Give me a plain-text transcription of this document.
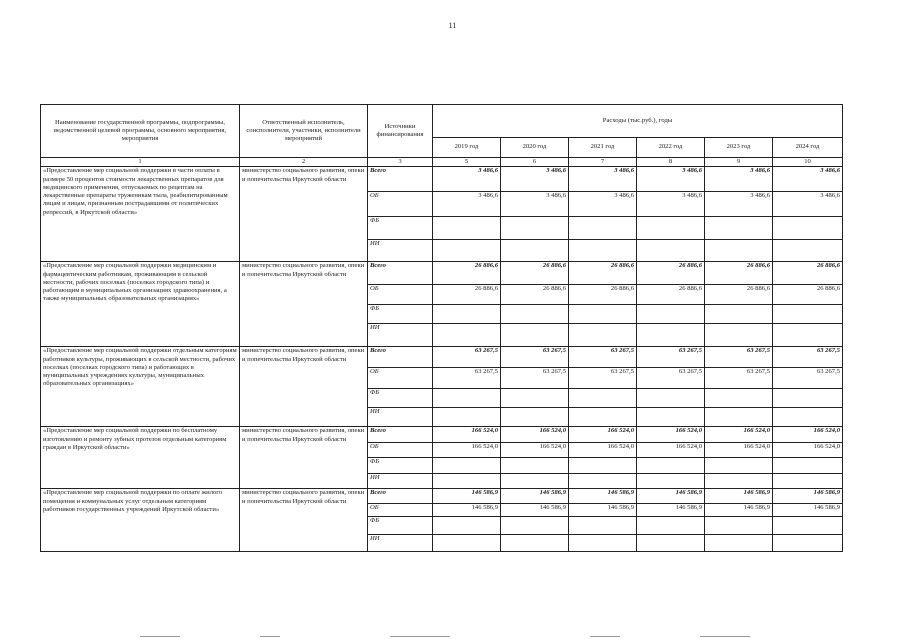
11
Наименование государственной программы, подпрограммы, ведомственной целевой программы, основного мероприятия, мероприятия	Ответственный исполнитель, соисполнители, участники, исполнители мероприятий	Источники финансирования	Расходы (тыс.руб.), годы					
			2019 год	2020 год	2021 год	2022 год	2023 год	2024 год
1	2	3	5	6	7	8	9	10
«Предоставление мер социальной поддержки в части оплаты в размере 50 процентов стоимости лекарственных препаратов для медицинского применения, отпускаемых по рецептам на лекарственные препараты труженикам тыла, реабилитированным лицам и лицам, признанным пострадавшими от политических репрессий, в Иркутской области»	министерство социального развития, опеки и попечительства Иркутской области	Всего	3 486,6	3 486,6	3 486,6	3 486,6	3 486,6	3 486,6
		ОБ	3 486,6	3 486,6	3 486,6	3 486,6	3 486,6	3 486,6
		ФБ						
		ИИ						
«Предоставление мер социальной поддержки медицинским и фармацевтическим работникам, проживающим в сельской местности, рабочих поселках (поселках городского типа) и работающим в муниципальных организациях здравоохранения, а также муниципальных образовательных организациях»	министерство социального развития, опеки и попечительства Иркутской области	Всего	26 886,6	26 886,6	26 886,6	26 886,6	26 886,6	26 886,6
		ОБ	26 886,6	26 886,6	26 886,6	26 886,6	26 886,6	26 886,6
		ФБ						
		ИИ						
«Предоставление мер социальной поддержки отдельным категориям работников культуры, проживающих в сельской местности, рабочих поселках (поселках городского типа) и работающих в муниципальных учреждениях культуры, муниципальных образовательных организациях»	министерство социального развития, опеки и попечительства Иркутской области	Всего	63 267,5	63 267,5	63 267,5	63 267,5	63 267,5	63 267,5
		ОБ	63 267,5	63 267,5	63 267,5	63 267,5	63 267,5	63 267,5
		ФБ						
		ИИ						
«Предоставление мер социальной поддержки по бесплатному изготовлению и ремонту зубных протезов отдельным категориям граждан в Иркутской области»	министерство социального развития, опеки и попечительства Иркутской области	Всего	166 524,0	166 524,0	166 524,0	166 524,0	166 524,0	166 524,0
		ОБ	166 524,0	166 524,0	166 524,0	166 524,0	166 524,0	166 524,0
		ФБ						
		ИИ						
«Предоставление мер социальной поддержки по оплате жилого помещения и коммунальных услуг отдельным категориям работников государственных учреждений Иркутской области»	министерство социального развития, опеки и попечительства Иркутской области	Всего	146 586,9	146 586,9	146 586,9	146 586,9	146 586,9	146 586,9
		ОБ	146 586,9	146 586,9	146 586,9	146 586,9	146 586,9	146 586,9
		ФБ						
		ИИ						
